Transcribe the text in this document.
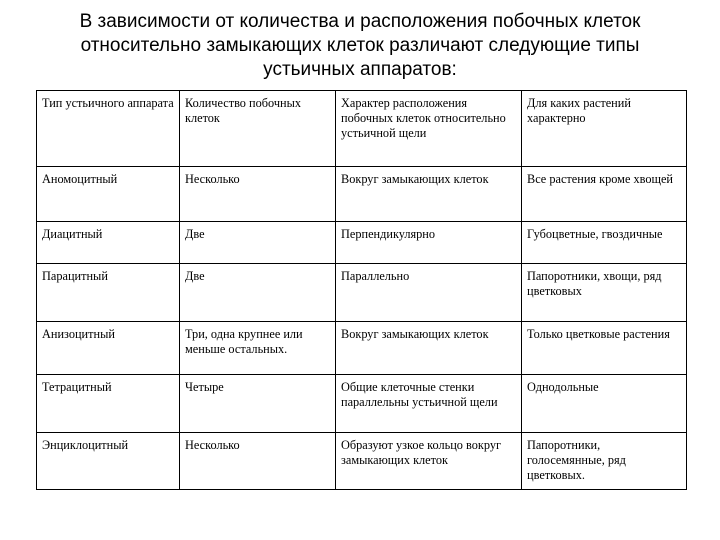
В зависимости от количества и расположения побочных клеток
относительно замыкающих клеток различают следующие типы
устьичных аппаратов:
Тип устьичного аппарата	Количество побочных клеток	Характер расположения побочных клеток относительно устьичной щели	Для каких растений характерно
Аномоцитный	Несколько	Вокруг замыкающих клеток	Все растения кроме хвощей
Диацитный	Две	Перпендикулярно	Губоцветные, гвоздичные
Парацитный	Две	Параллельно	Папоротники, хвощи, ряд цветковых
Анизоцитный	Три, одна крупнее или меньше остальных.	Вокруг замыкающих клеток	Только цветковые растения
Тетрацитный	Четыре	Общие клеточные стенки параллельны устьичной щели	Однодольные
Энциклоцитный	Несколько	Образуют узкое кольцо вокруг замыкающих клеток	Папоротники, голосемянные, ряд цветковых.
